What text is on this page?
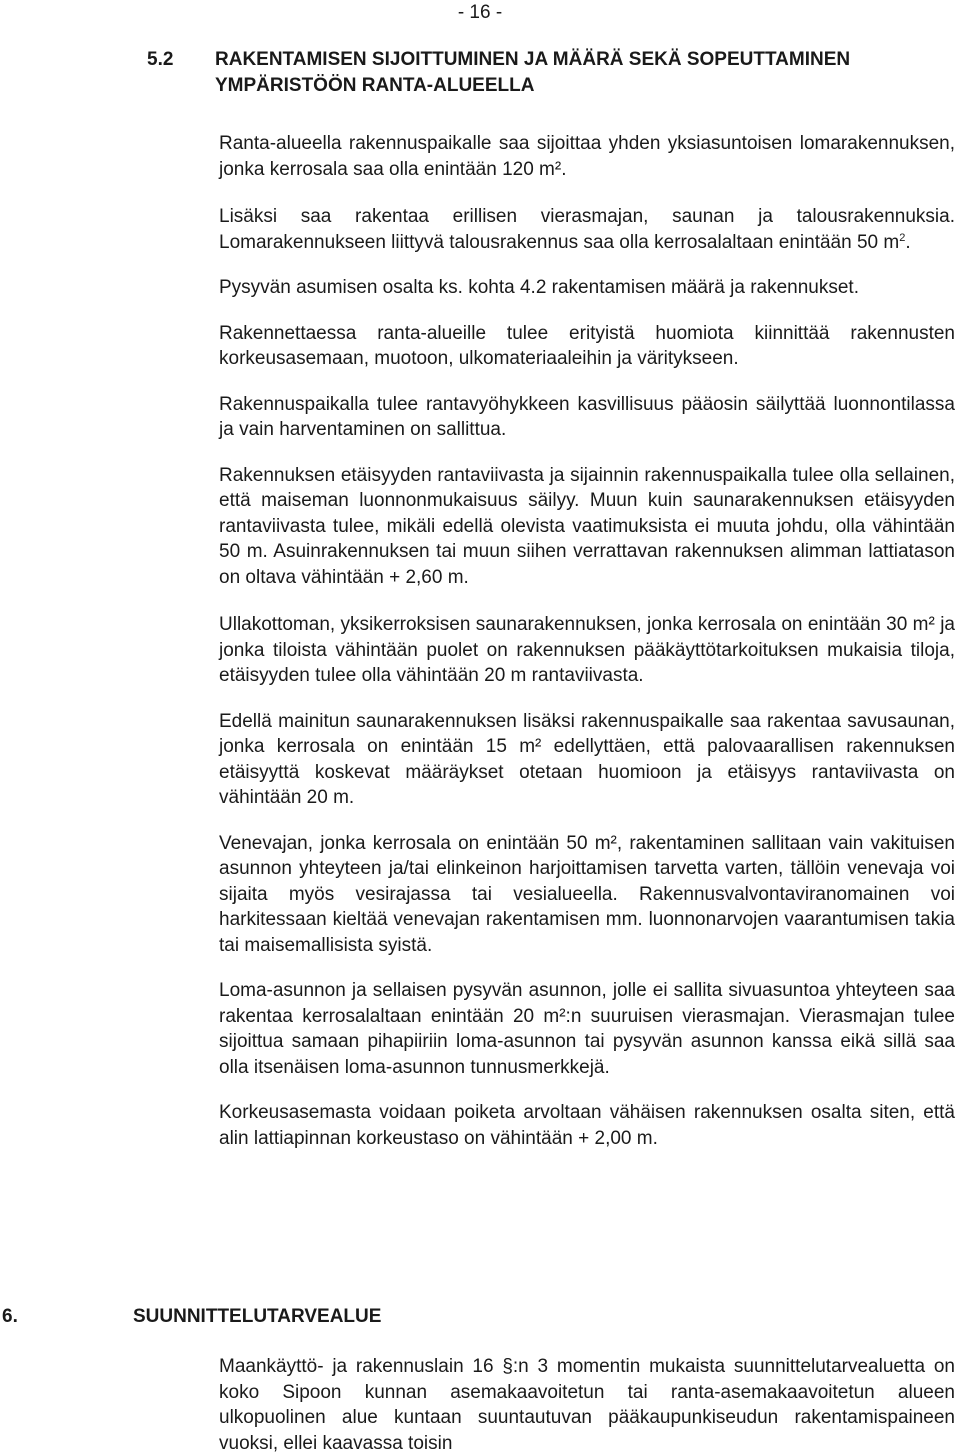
- 16 -
5.2 RAKENTAMISEN SIJOITTUMINEN JA MÄÄRÄ SEKÄ SOPEUTTAMINEN
YMPÄRISTÖÖN RANTA-ALUEELLA

Ranta-alueella rakennuspaikalle saa sijoittaa yhden yksiasuntoisen lomarakennuksen, jonka kerrosala saa olla enintään 120 m².

Lisäksi saa rakentaa erillisen vierasmajan, saunan ja talousrakennuksia. Lomarakennukseen liittyvä talousrakennus saa olla kerrosalaltaan enintään 50 $m^2$.

Pysyvän asumisen osalta ks. kohta 4.2 rakentamisen määrä ja rakennukset.

Rakennettaessa ranta-alueille tulee erityistä huomiota kiinnittää rakennusten korkeusasemaan, muotoon, ulkomateriaaleihin ja väritykseen.

Rakennuspaikalla tulee rantavyöhykkeen kasvillisuus pääosin säilyttää luonnontilassa ja vain harventaminen on sallittua.

Rakennuksen etäisyyden rantaviivasta ja sijainnin rakennuspaikalla tulee olla sellainen, että maiseman luonnonmukaisuus säilyy. Muun kuin saunarakennuksen etäisyyden rantaviivasta tulee, mikäli edellä olevista vaatimuksista ei muuta johdu, olla vähintään 50 m. Asuinrakennuksen tai muun siihen verrattavan rakennuksen alimman lattiatason on oltava vähintään + 2,60 m.

Ullakottoman, yksikerroksisen saunarakennuksen, jonka kerrosala on enintään 30 m² ja jonka tiloista vähintään puolet on rakennuksen pääkäyttötarkoituksen mukaisia tiloja, etäisyyden tulee olla vähintään 20 m rantaviivasta.

Edellä mainitun saunarakennuksen lisäksi rakennuspaikalle saa rakentaa savusaunan, jonka kerrosala on enintään 15 m² edellyttäen, että palovaarallisen rakennuksen etäisyyttä koskevat määräykset otetaan huomioon ja etäisyys rantaviivasta on vähintään 20 m.

Venevajan, jonka kerrosala on enintään 50 m², rakentaminen sallitaan vain vakituisen asunnon yhteyteen ja/tai elinkeinon harjoittamisen tarvetta varten, tällöin venevaja voi sijaita myös vesirajassa tai vesialueella. Rakennusvalvontaviranomainen voi harkitessaan kieltää venevajan rakentamisen mm. luonnonarvojen vaarantumisen takia tai maisemallisista syistä.

Loma-asunnon ja sellaisen pysyvän asunnon, jolle ei sallita sivuasuntoa yhteyteen saa rakentaa kerrosalaltaan enintään 20 m²:n suuruisen vierasmajan. Vierasmajan tulee sijoittua samaan pihapiiriin loma-asunnon tai pysyvän asunnon kanssa eikä sillä saa olla itsenäisen loma-asunnon tunnusmerkkejä.

Korkeusasemasta voidaan poiketa arvoltaan vähäisen rakennuksen osalta siten, että alin lattiapinnan korkeustaso on vähintään + 2,00 m.

6.	SUUNNITTELUTARVEALUE

Maankäyttö- ja rakennuslain 16 §:n 3 momentin mukaista suunnittelutarvealuetta on koko Sipoon kunnan asemakaavoitetun tai ranta-asemakaavoitetun alueen ulkopuolinen alue kuntaan suuntautuvan pääkaupunkiseudun rakentamispaineen vuoksi, ellei kaavassa toisin
